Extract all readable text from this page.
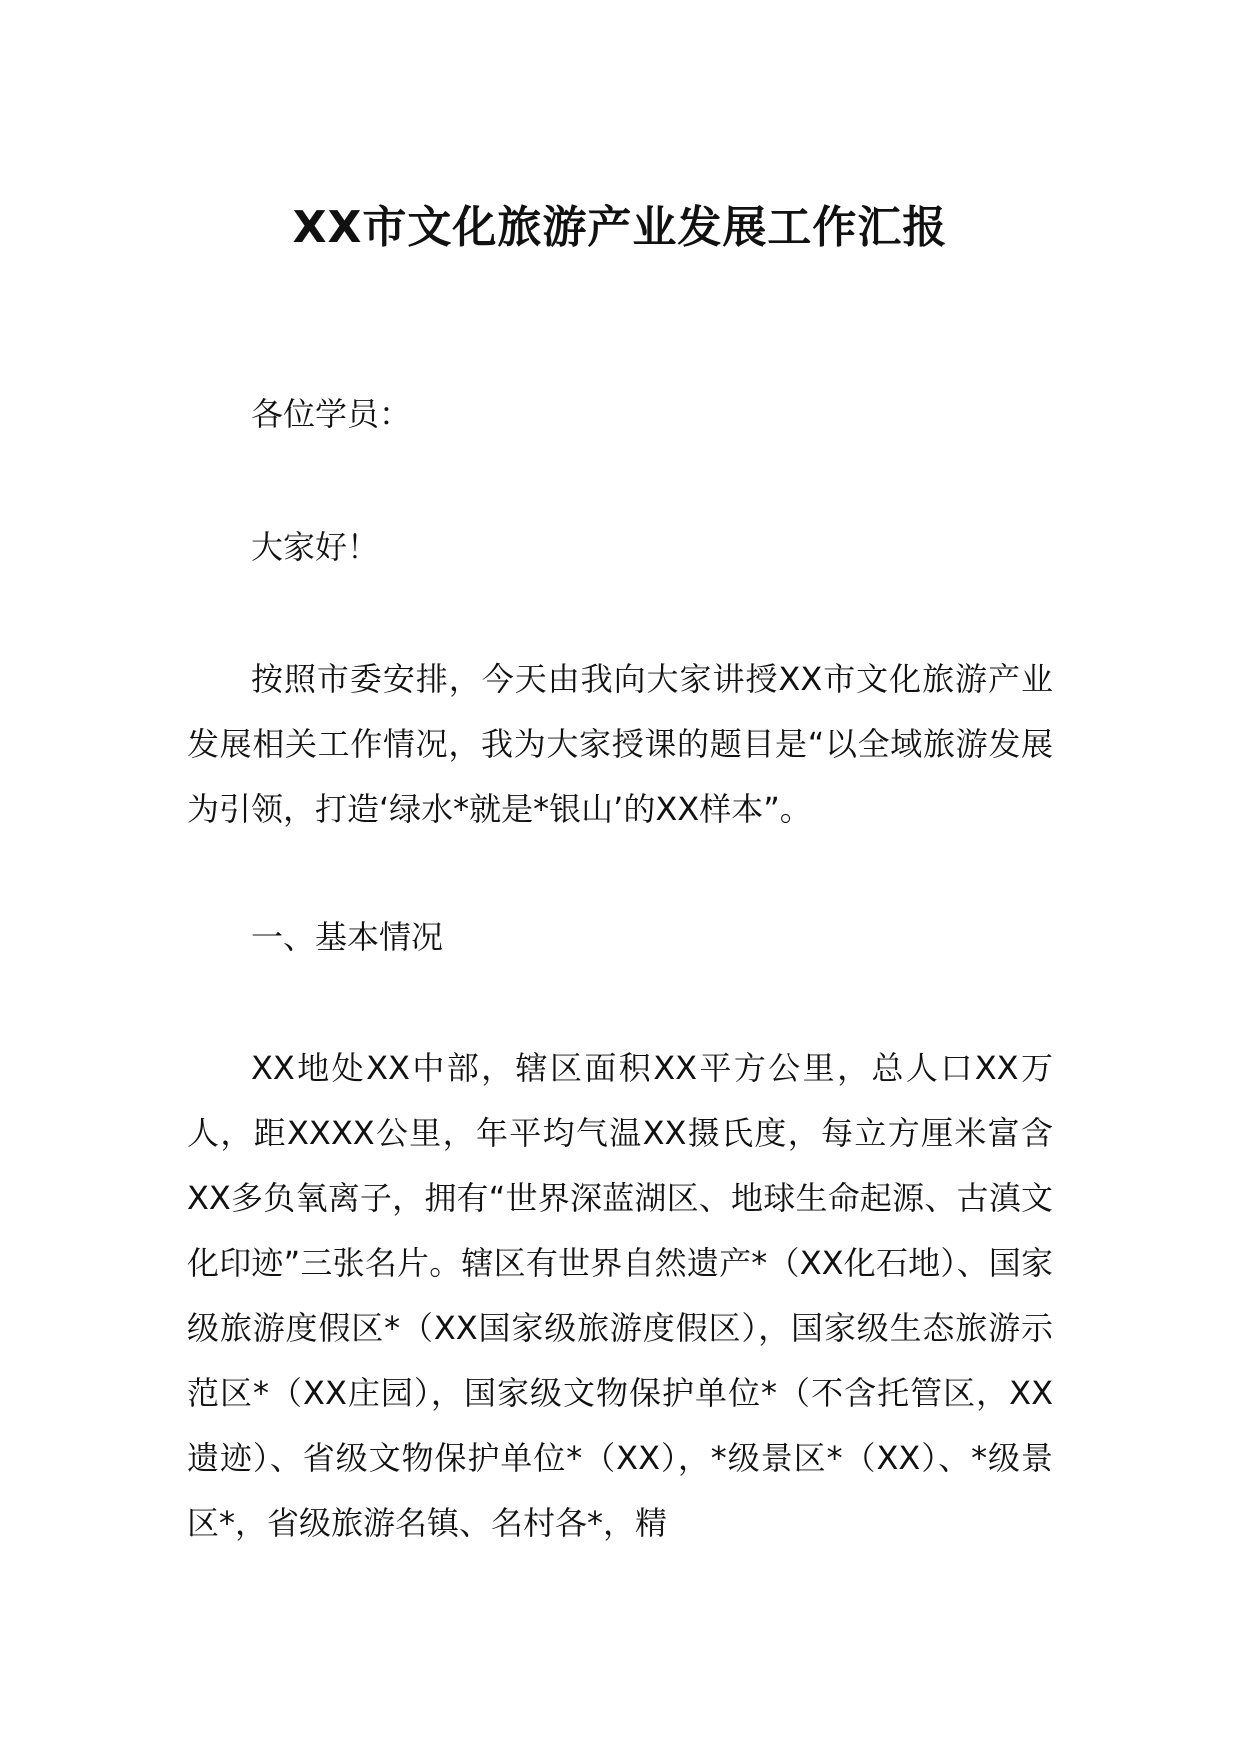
XX市文化旅游产业发展工作汇报

各位学员：

大家好！

按照市委安排，今天由我向大家讲授XX市文化旅游产业发展相关工作情况，我为大家授课的题目是“以全域旅游发展为引领，打造‘绿水*就是*银山’的XX样本”。

一、基本情况

XX地处XX中部，辖区面积XX平方公里，总人口XX万人，距XXXX公里，年平均气温XX摄氏度，每立方厘米富含XX多负氧离子，拥有“世界深蓝湖区、地球生命起源、古滇文化印迹”三张名片。辖区有世界自然遗产*（XX化石地）、国家级旅游度假区*（XX国家级旅游度假区），国家级生态旅游示范区*（XX庄园），国家级文物保护单位*（不含托管区，XX遗迹）、省级文物保护单位*（XX），*级景区*（XX）、*级景区*，省级旅游名镇、名村各*，精
